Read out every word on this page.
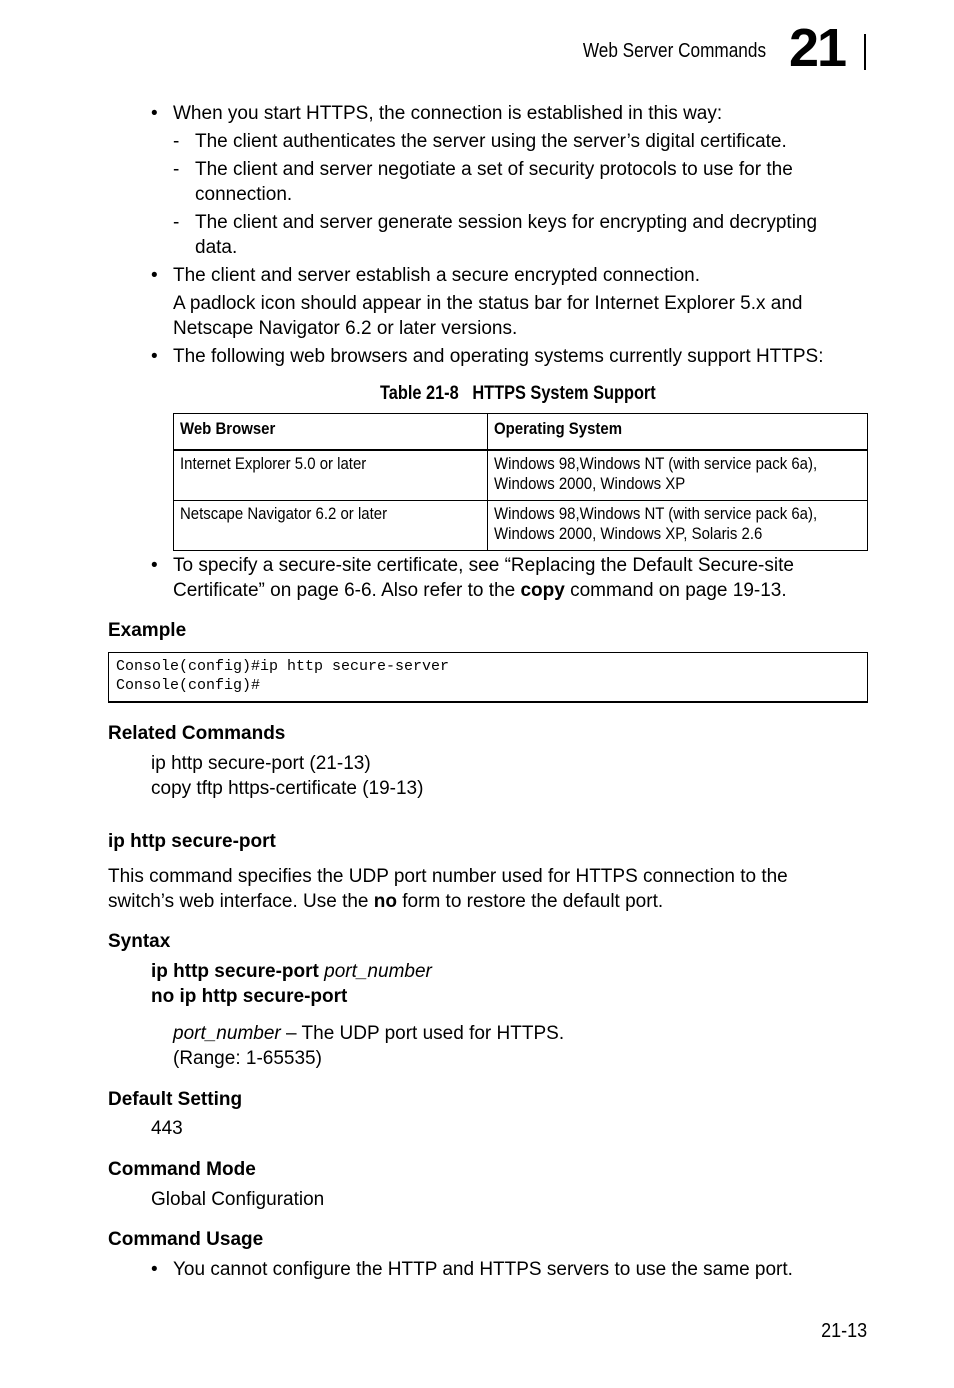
Web Server Commands 21
• When you start HTTPS, the connection is established in this way:
- The client authenticates the server using the server’s digital certificate.
- The client and server negotiate a set of security protocols to use for the
connection.
- The client and server generate session keys for encrypting and decrypting
data.
• The client and server establish a secure encrypted connection.
A padlock icon should appear in the status bar for Internet Explorer 5.x and
Netscape Navigator 6.2 or later versions.
• The following web browsers and operating systems currently support HTTPS:
Table 21-8   HTTPS System Support
Web Browser	Operating System
Internet Explorer 5.0 or later	Windows 98,Windows NT (with service pack 6a),
Windows 2000, Windows XP
Netscape Navigator 6.2 or later	Windows 98,Windows NT (with service pack 6a),
Windows 2000, Windows XP, Solaris 2.6
• To specify a secure-site certificate, see “Replacing the Default Secure-site
Certificate” on page 6-6. Also refer to the copy command on page 19-13.
Example
Console(config)#ip http secure-server
Console(config)#
Related Commands
ip http secure-port (21-13)
copy tftp https-certificate (19-13)
ip http secure-port
This command specifies the UDP port number used for HTTPS connection to the
switch’s web interface. Use the no form to restore the default port.
Syntax
ip http secure-port port_number
no ip http secure-port
port_number – The UDP port used for HTTPS.
(Range: 1-65535)
Default Setting
443
Command Mode
Global Configuration
Command Usage
• You cannot configure the HTTP and HTTPS servers to use the same port.
21-13
